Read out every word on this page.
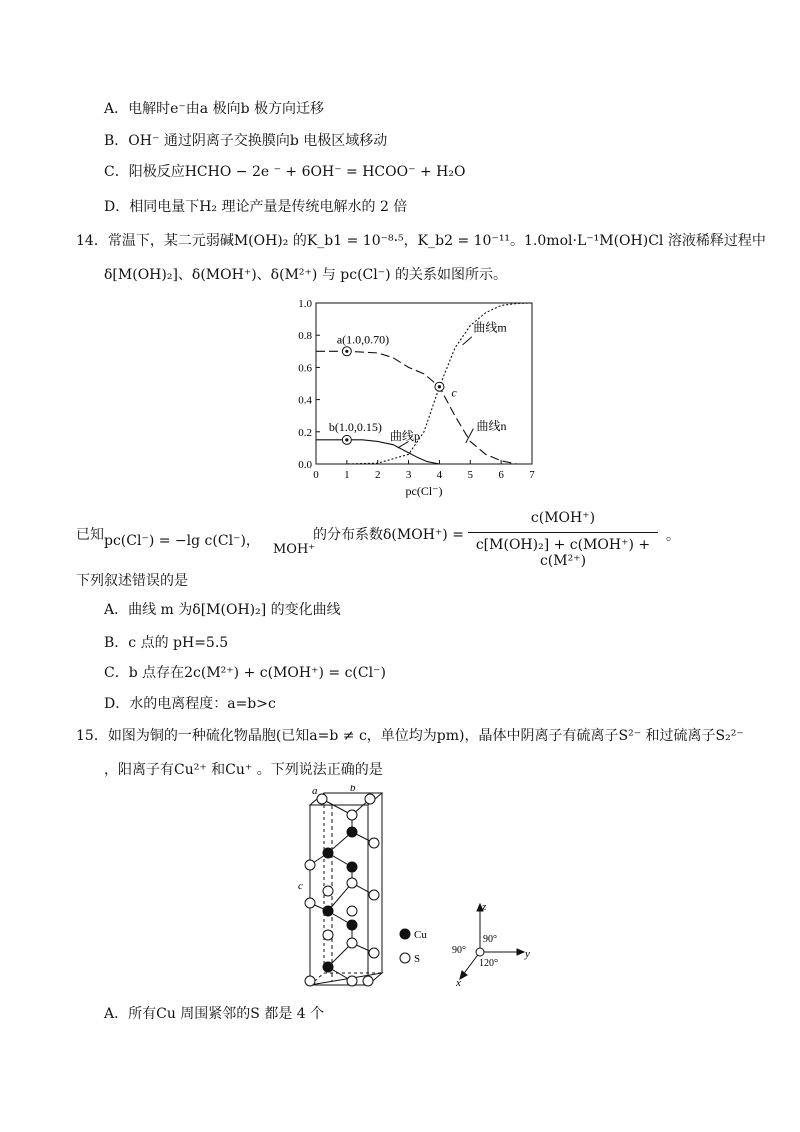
A．电解时e⁻由a 极向b 极方向迁移
B．OH⁻ 通过阴离子交换膜向b 电极区域移动
C．阳极反应HCHO − 2e ⁻ + 6OH⁻ = HCOO⁻ + H₂O
D．相同电量下H₂ 理论产量是传统电解水的 2 倍
14．常温下，某二元弱碱M(OH)₂ 的K_b1 = 10⁻⁸·⁵，K_b2 = 10⁻¹¹。1.0mol·L⁻¹M(OH)Cl 溶液稀释过程中
δ[M(OH)₂]、δ(MOH⁺)、δ(M²⁺) 与 pc(Cl⁻) 的关系如图所示。
0 1 2 3 4 5 6 7
0.0
0.2
0.4
0.6
0.8
1.0
pc(Cl⁻)
a(1.0,0.70)
b(1.0,0.15)
c
曲线m
曲线n
曲线p
已知 pc(Cl⁻) = −lg c(Cl⁻)，
MOH⁺
的分布系数δ(MOH⁺) =
c(MOH⁺)
c[M(OH)₂] + c(MOH⁺) + c(M²⁺)
。
下列叙述错误的是
A．曲线 m 为δ[M(OH)₂] 的变化曲线
B．c 点的 pH=5.5
C．b 点存在2c(M²⁺) + c(MOH⁺) = c(Cl⁻)
D．水的电离程度：a=b>c
15．如图为铜的一种硫化物晶胞(已知a=b ≠ c，单位均为pm)，晶体中阴离子有硫离子S²⁻ 和过硫离子S₂²⁻
，阳离子有Cu²⁺ 和Cu⁺ 。下列说法正确的是
a	b
c
Cu
S
z
y
x
90°
90°
120°
A．所有Cu 周围紧邻的S 都是 4 个
